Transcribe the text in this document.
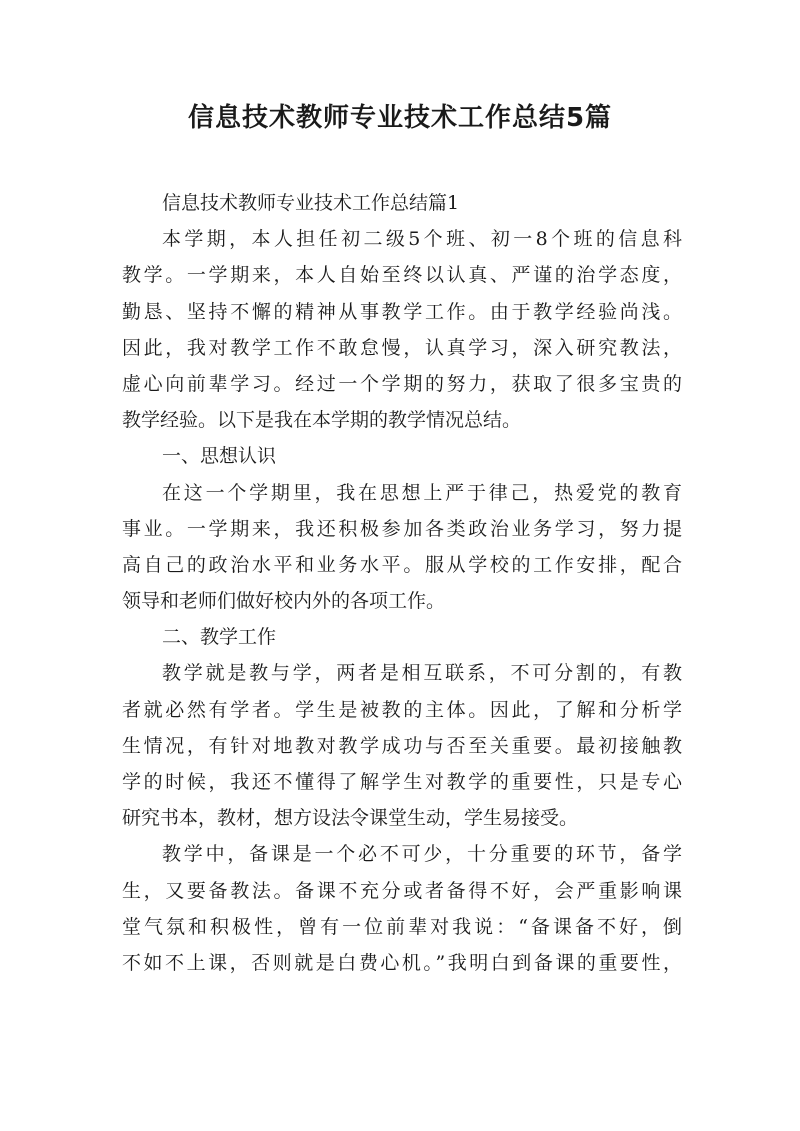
信息技术教师专业技术工作总结5篇
信息技术教师专业技术工作总结篇1
本学期，本人担任初二级5个班、初一8个班的信息科
教学。一学期来，本人自始至终以认真、严谨的治学态度，
勤恳、坚持不懈的精神从事教学工作。由于教学经验尚浅。
因此，我对教学工作不敢怠慢，认真学习，深入研究教法，
虚心向前辈学习。经过一个学期的努力，获取了很多宝贵的
教学经验。以下是我在本学期的教学情况总结。
一、思想认识
在这一个学期里，我在思想上严于律己，热爱党的教育
事业。一学期来，我还积极参加各类政治业务学习，努力提
高自己的政治水平和业务水平。服从学校的工作安排，配合
领导和老师们做好校内外的各项工作。
二、教学工作
教学就是教与学，两者是相互联系，不可分割的，有教
者就必然有学者。学生是被教的主体。因此，了解和分析学
生情况，有针对地教对教学成功与否至关重要。最初接触教
学的时候，我还不懂得了解学生对教学的重要性，只是专心
研究书本，教材，想方设法令课堂生动，学生易接受。
教学中，备课是一个必不可少，十分重要的环节，备学
生，又要备教法。备课不充分或者备得不好，会严重影响课
堂气氛和积极性，曾有一位前辈对我说：“备课备不好，倒
不如不上课，否则就是白费心机。”我明白到备课的重要性，
